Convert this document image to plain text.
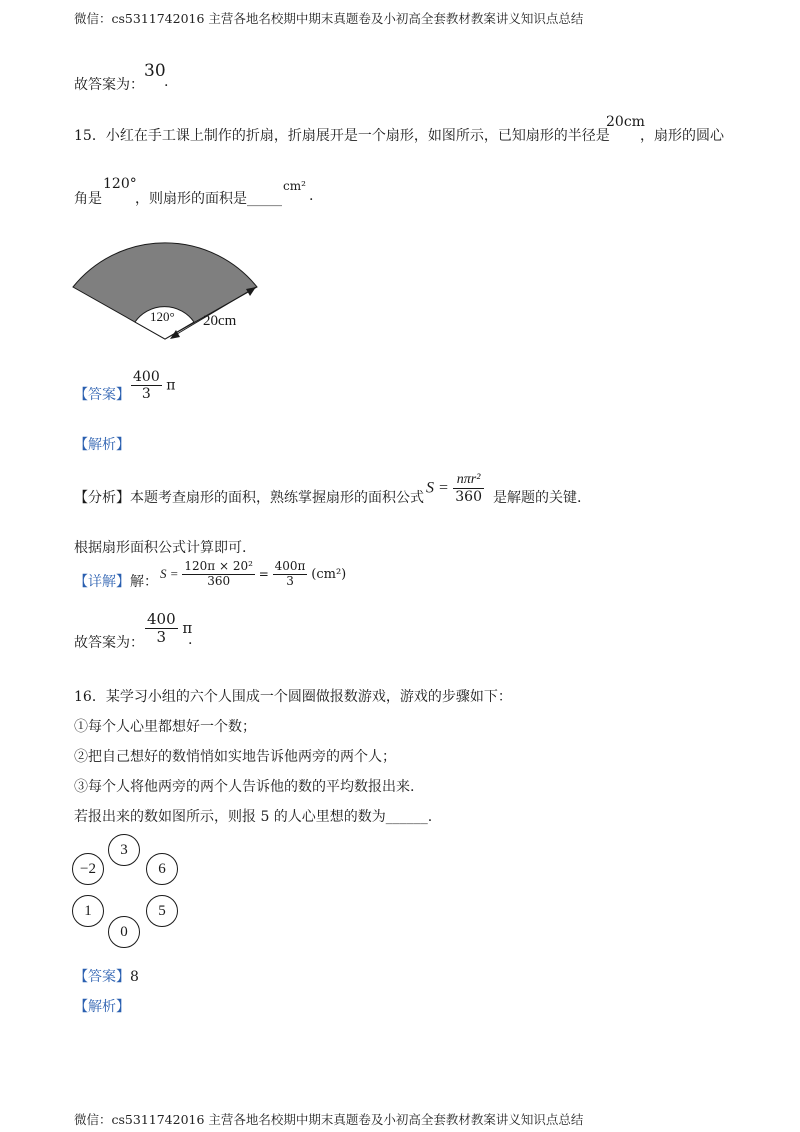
微信：cs5311742016 主营各地名校期中期末真题卷及小初高全套教材教案讲义知识点总结
微信：cs5311742016 主营各地名校期中期末真题卷及小初高全套教材教案讲义知识点总结
故答案为：
30
.
15．小红在手工课上制作的折扇，折扇展开是一个扇形，如图所示，已知扇形的半径是
20cm
，扇形的圆心
角是
120°
，则扇形的面积是_____
cm²
.
120° 20cm
【答案】 $\frac{400}{3}$ π
【解析】
【分析】本题考查扇形的面积，熟练掌握扇形的面积公式
$S = \frac{\text{nπr²}}{360}$ 是解题的关键.
根据扇形面积公式计算即可.
【详解】解：
$S = \frac{\text{120π × 20²}}{360} = \frac{400\pi}{3} (cm^2)$
故答案为： $\frac{400}{3}$ π
.
16．某学习小组的六个人围成一个圆圈做报数游戏，游戏的步骤如下：
①每个人心里都想好一个数；
②把自己想好的数悄悄如实地告诉他两旁的两个人；
③每个人将他两旁的两个人告诉他的数的平均数报出来.
若报出来的数如图所示，则报 5 的人心里想的数为______.
3
6
5
0
1
−2
【答案】8
【解析】
